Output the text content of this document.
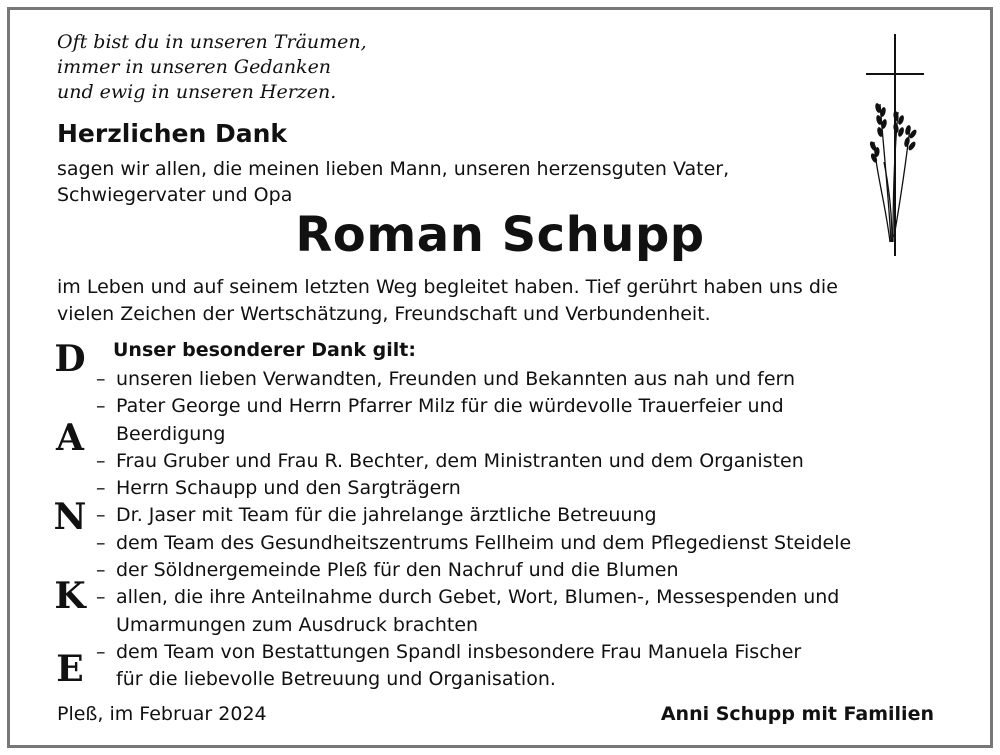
Oft bist du in unseren Träumen,
immer in unseren Gedanken
und ewig in unseren Herzen.
Herzlichen Dank
sagen wir allen, die meinen lieben Mann, unseren herzensguten Vater,
Schwiegervater und Opa
Roman Schupp
im Leben und auf seinem letzten Weg begleitet haben. Tief gerührt haben uns die
vielen Zeichen der Wertschätzung, Freundschaft und Verbundenheit.
D
A
N
K
E
Unser besonderer Dank gilt:
– unseren lieben Verwandten, Freunden und Bekannten aus nah und fern
– Pater George und Herrn Pfarrer Milz für die würdevolle Trauerfeier und
Beerdigung
– Frau Gruber und Frau R. Bechter, dem Ministranten und dem Organisten
– Herrn Schaupp und den Sargträgern
– Dr. Jaser mit Team für die jahrelange ärztliche Betreuung
– dem Team des Gesundheitszentrums Fellheim und dem Pflegedienst Steidele
– der Söldnergemeinde Pleß für den Nachruf und die Blumen
– allen, die ihre Anteilnahme durch Gebet, Wort, Blumen-, Messespenden und
Umarmungen zum Ausdruck brachten
– dem Team von Bestattungen Spandl insbesondere Frau Manuela Fischer
für die liebevolle Betreuung und Organisation.
Pleß, im Februar 2024	Anni Schupp mit Familien
